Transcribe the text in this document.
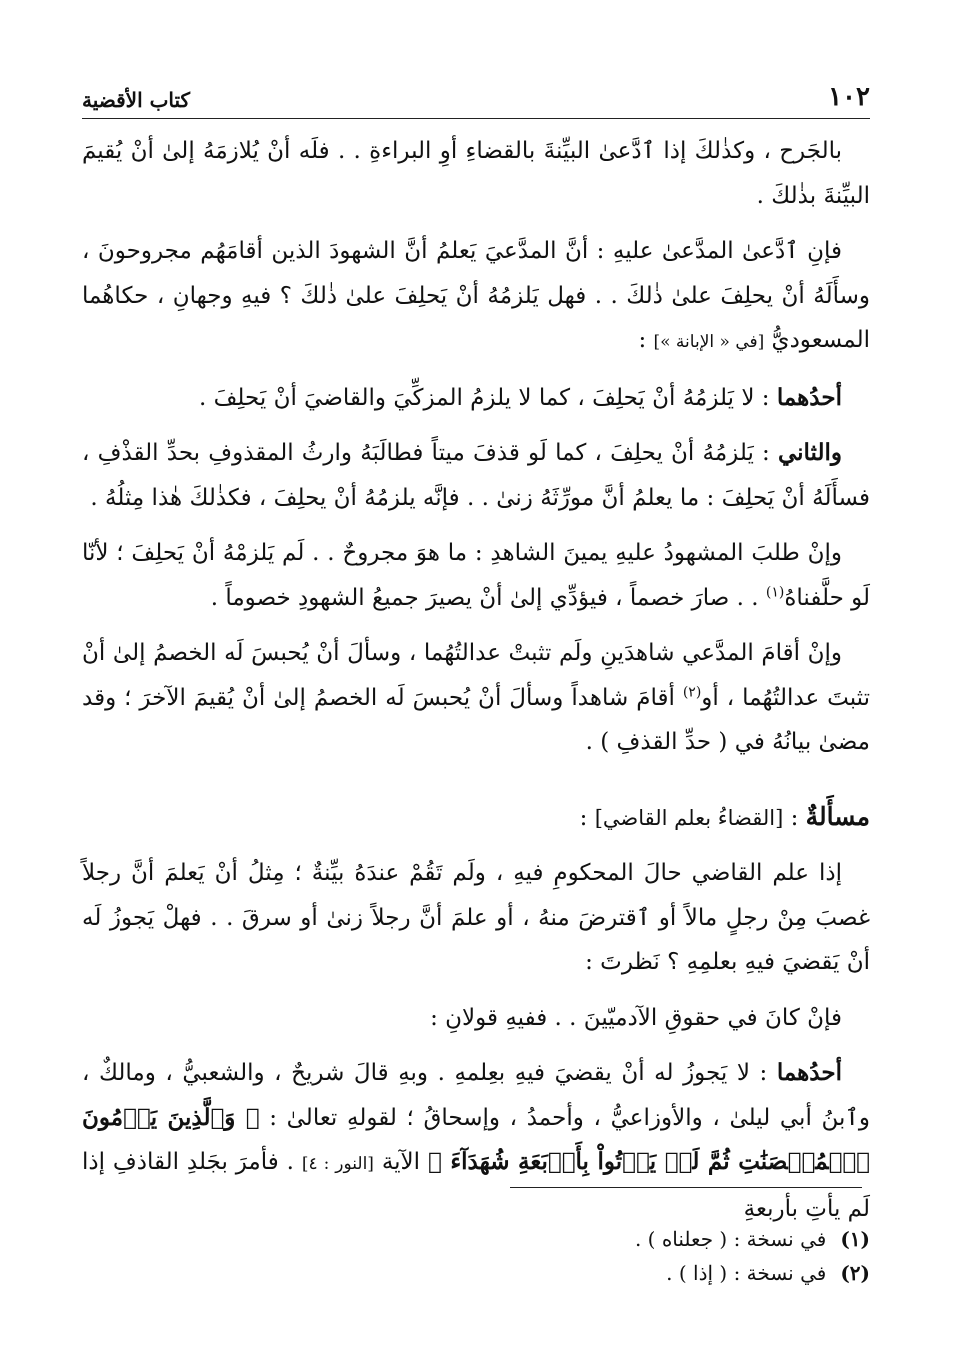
١٠٢
كتاب الأقضية

بالجَرح ، وكذٰلكَ إذا ٱدَّعىٰ البيِّنةَ بالقضاءِ أوِ البراءةِ . . فلَه أنْ يُلازمَهُ إلىٰ أنْ يُقيمَ البيِّنةَ بذٰلكَ .

فإنِ ٱدَّعىٰ المدَّعىٰ عليهِ : أنَّ المدَّعيَ يَعلمُ أنَّ الشهودَ الذين أقامَهُم مجروحونَ ، وسأَلَهُ أنْ يحلِفَ علىٰ ذٰلكَ . . فهل يَلزمُهُ أنْ يَحلِفَ علىٰ ذٰلكَ ؟ فيهِ وجهانِ ، حكاهُما المسعوديُّ [في « الإبانة »] :

أحدُهما : لا يَلزمُهُ أنْ يَحلِفَ ، كما لا يلزمُ المزكِّيَ والقاضيَ أنْ يَحلِفَ .

والثاني : يَلزمُهُ أنْ يحلِفَ ، كما لَو قذفَ ميتاً فطالَبَهُ وارثُ المقذوفِ بحدِّ القذْفِ ، فسأَلَهُ أنْ يَحلِفَ : ما يعلمُ أنَّ مورِّثَهُ زنىٰ . . فإنَّه يلزمُهُ أنْ يحلِفَ ، فكذٰلكَ هٰذا مِثلُهُ .

وإنْ طلبَ المشهودُ عليهِ يمينَ الشاهدِ : ما هوَ مجروحٌ . . لَم يَلزمْهُ أنْ يَحلِفَ ؛ لأنّا لَو حلَّفناهُ$^{(١)}$ . . صارَ خصماً ، فيؤدِّي إلىٰ أنْ يصيرَ جميعُ الشهودِ خصوماً .

وإنْ أقامَ المدَّعي شاهدَينِ ولَم تثبتْ عدالتُهُما ، وسألَ أنْ يُحبسَ لَه الخصمُ إلىٰ أنْ تثبتَ عدالتُهُما ، أو$^{(٢)}$ أقامَ شاهداً وسألَ أنْ يُحبسَ لَه الخصمُ إلىٰ أنْ يُقيمَ الآخرَ ؛ وقد مضىٰ بيانُهُ في ( حدِّ القذفِ ) .

مسأَلةٌ : [القضاءُ بعلم القاضي] :

إذا علم القاضي حالَ المحكومِ فيهِ ، ولَم تَقُمْ عندَهُ بيِّنةٌ ؛ مِثلُ أنْ يَعلمَ أنَّ رجلاً غصبَ مِنْ رجلٍ مالاً أو ٱقترضَ منهُ ، أو علمَ أنَّ رجلاً زنىٰ أو سرقَ . . فهلْ يَجوزُ لَه أنْ يَقضيَ فيهِ بعلمِهِ ؟ نَظرتَ :

فإنْ كانَ في حقوقِ الآدميّينَ . . ففيهِ قولانِ :

أحدُهما : لا يَجوزُ له أنْ يقضيَ فيهِ بعِلمهِ . وبهِ قالَ شريحٌ ، والشعبيُّ ، ومالكٌ ، وٱبنُ أبي ليلىٰ ، والأوزاعيُّ ، وأحمدُ ، وإسحاقُ ؛ لقولهِ تعالىٰ : ﴿ وَٱلَّذِينَ يَرۡمُونَ ٱلۡمُحۡصَنَٰتِ ثُمَّ لَمۡ يَأۡتُواْ بِأَرۡبَعَةِ شُهَدَآءَ ﴾ الآية [النور : ٤] . فأمرَ بجَلدِ القاذفِ إذا لَم يأتِ بأربعةِ

(١)في نسخة : ( جعلناه ) .

(٢)في نسخة : ( إذا ) .
